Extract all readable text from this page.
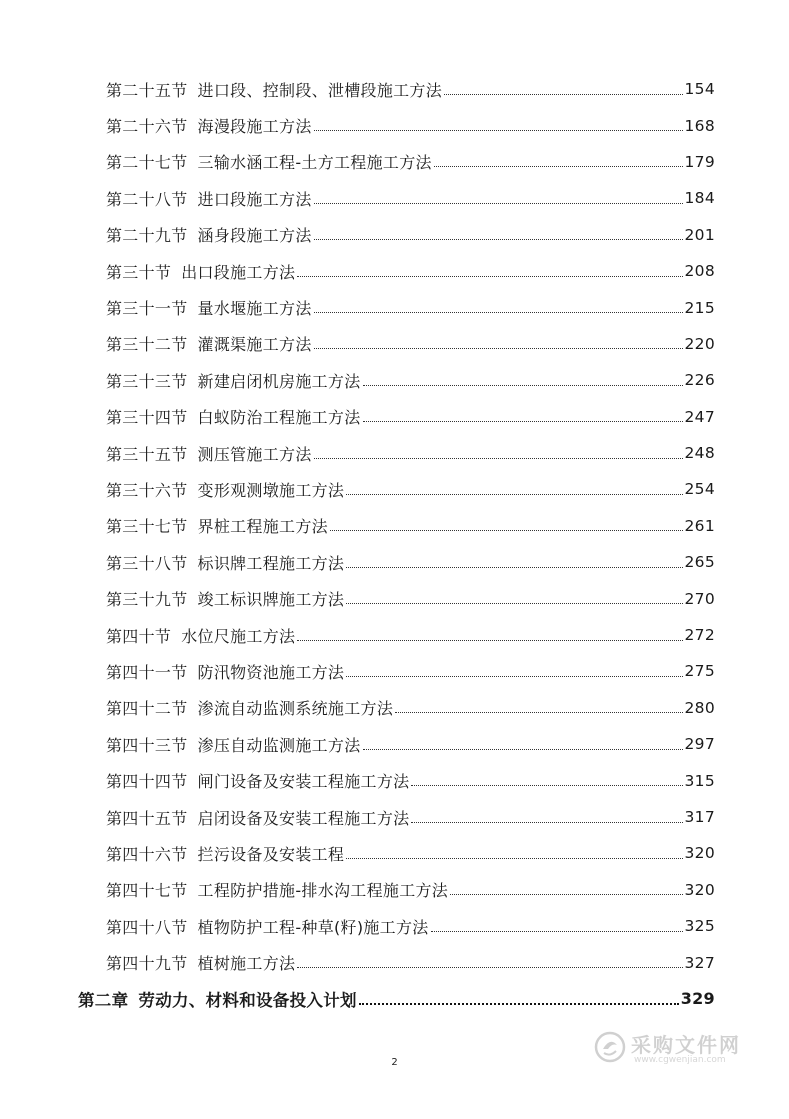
第二十五节 进口段、控制段、泄槽段施工方法	154
第二十六节 海漫段施工方法	168
第二十七节 三输水涵工程-土方工程施工方法	179
第二十八节 进口段施工方法	184
第二十九节 涵身段施工方法	201
第三十节 出口段施工方法	208
第三十一节 量水堰施工方法	215
第三十二节 灌溉渠施工方法	220
第三十三节 新建启闭机房施工方法	226
第三十四节 白蚁防治工程施工方法	247
第三十五节 测压管施工方法	248
第三十六节 变形观测墩施工方法	254
第三十七节 界桩工程施工方法	261
第三十八节 标识牌工程施工方法	265
第三十九节 竣工标识牌施工方法	270
第四十节 水位尺施工方法	272
第四十一节 防汛物资池施工方法	275
第四十二节 渗流自动监测系统施工方法	280
第四十三节 渗压自动监测施工方法	297
第四十四节 闸门设备及安装工程施工方法	315
第四十五节 启闭设备及安装工程施工方法	317
第四十六节 拦污设备及安装工程	320
第四十七节 工程防护措施-排水沟工程施工方法	320
第四十八节 植物防护工程-种草(籽)施工方法	325
第四十九节 植树施工方法	327
第二章 劳动力、材料和设备投入计划	329
2
采购文件网
www.cgwenjian.com
